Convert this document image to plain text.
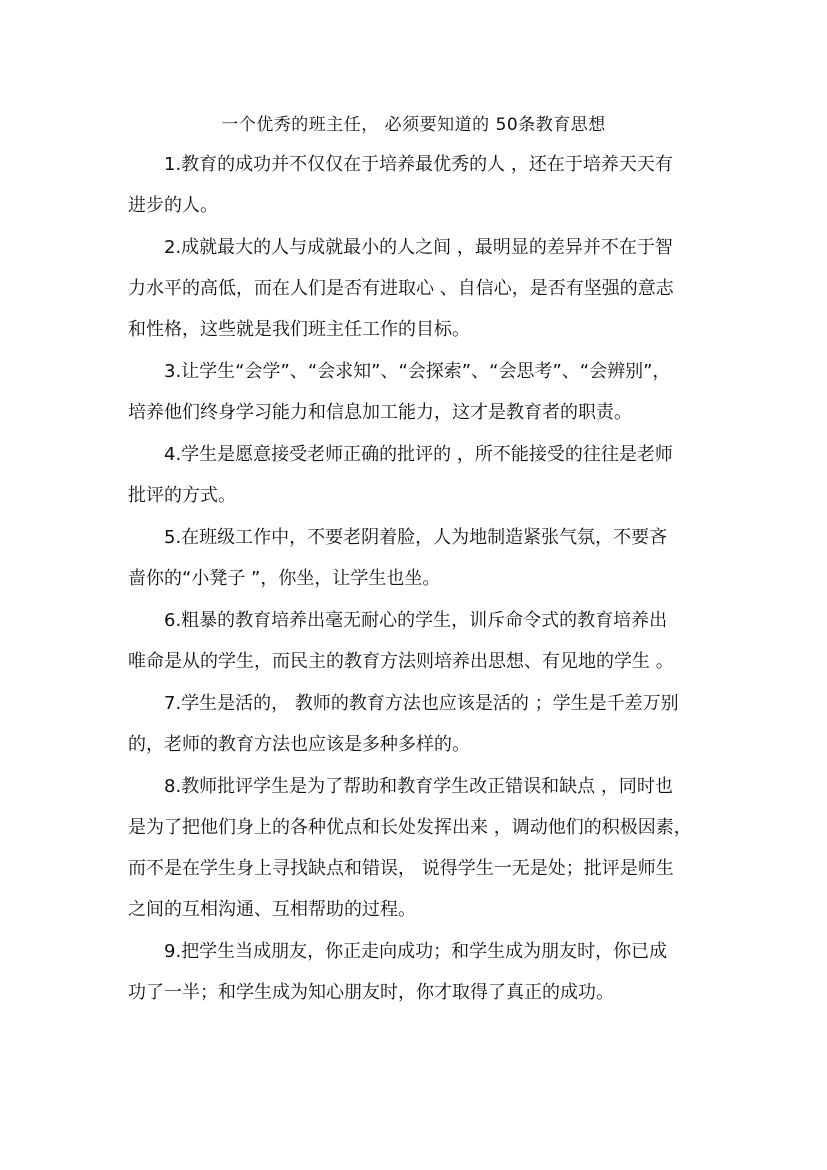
一个优秀的班主任， 必须要知道的 50条教育思想
1.教育的成功并不仅仅在于培养最优秀的人 ，还在于培养天天有
进步的人。
2.成就最大的人与成就最小的人之间 ，最明显的差异并不在于智
力水平的高低，而在人们是否有进取心 、自信心，是否有坚强的意志
和性格，这些就是我们班主任工作的目标。
3.让学生“会学”、“会求知”、“会探索”、“会思考”、“会辨别”，
培养他们终身学习能力和信息加工能力，这才是教育者的职责。
4.学生是愿意接受老师正确的批评的 ，所不能接受的往往是老师
批评的方式。
5.在班级工作中，不要老阴着脸，人为地制造紧张气氛，不要吝
啬你的“小凳子 ”，你坐，让学生也坐。
6.粗暴的教育培养出毫无耐心的学生，训斥命令式的教育培养出
唯命是从的学生，而民主的教育方法则培养出思想、有见地的学生 。
7.学生是活的， 教师的教育方法也应该是活的 ；学生是千差万别
的，老师的教育方法也应该是多种多样的。
8.教师批评学生是为了帮助和教育学生改正错误和缺点 ，同时也
是为了把他们身上的各种优点和长处发挥出来 ，调动他们的积极因素，
而不是在学生身上寻找缺点和错误， 说得学生一无是处；批评是师生
之间的互相沟通、互相帮助的过程。
9.把学生当成朋友，你正走向成功；和学生成为朋友时，你已成
功了一半；和学生成为知心朋友时，你才取得了真正的成功。
